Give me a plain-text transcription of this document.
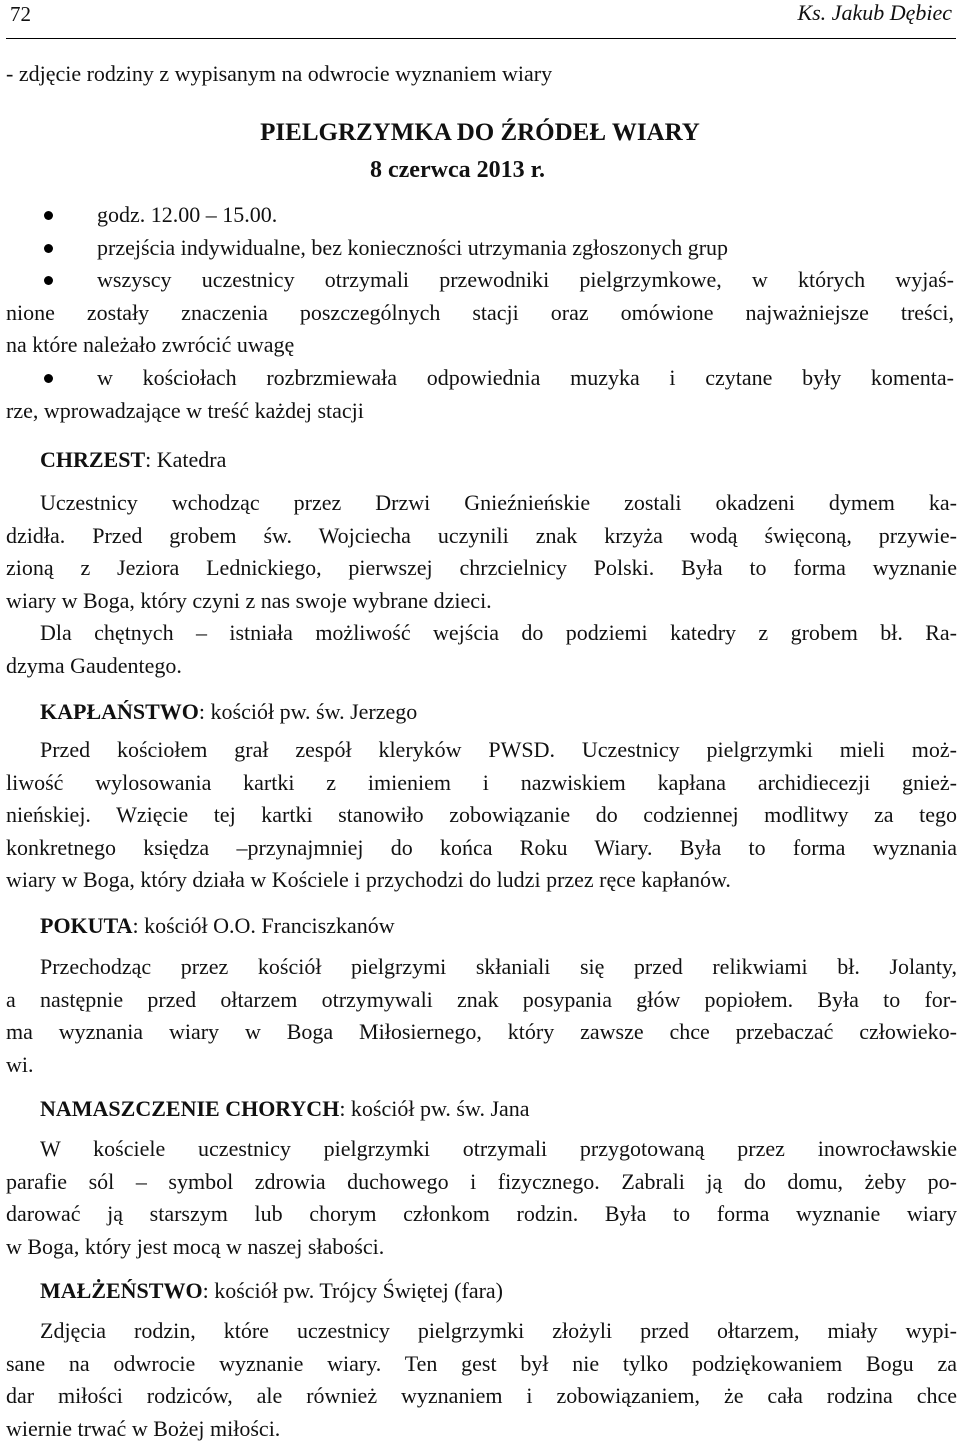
72	Ks. Jakub Dębiec
- zdjęcie rodziny z wypisanym na odwrocie wyznaniem wiary
PIELGRZYMKA DO ŹRÓDEŁ WIARY
8 czerwca 2013 r.
godz. 12.00 – 15.00.
przejścia indywidualne, bez konieczności utrzymania zgłoszonych grup
wszyscy uczestnicy otrzymali przewodniki pielgrzymkowe, w których wyjaś-
nione zostały znaczenia poszczególnych stacji oraz omówione najważniejsze treści,
na które należało zwrócić uwagę
w kościołach rozbrzmiewała odpowiednia muzyka i czytane były komenta-
rze, wprowadzające w treść każdej stacji
CHRZEST: Katedra
Uczestnicy wchodząc przez Drzwi Gnieźnieńskie zostali okadzeni dymem ka-
dzidła. Przed grobem św. Wojciecha uczynili znak krzyża wodą święconą, przywie-
zioną z Jeziora Lednickiego, pierwszej chrzcielnicy Polski. Była to forma wyznanie
wiary w Boga, który czyni z nas swoje wybrane dzieci.
Dla chętnych – istniała możliwość wejścia do podziemi katedry z grobem bł. Ra-
dzyma Gaudentego.
KAPŁAŃSTWO: kościół pw. św. Jerzego
Przed kościołem grał zespół kleryków PWSD. Uczestnicy pielgrzymki mieli moż-
liwość wylosowania kartki z imieniem i nazwiskiem kapłana archidiecezji gnież-
nieńskiej. Wzięcie tej kartki stanowiło zobowiązanie do codziennej modlitwy za tego
konkretnego księdza –przynajmniej do końca Roku Wiary. Była to forma wyznania
wiary w Boga, który działa w Kościele i przychodzi do ludzi przez ręce kapłanów.
POKUTA: kościół O.O. Franciszkanów
Przechodząc przez kościół pielgrzymi skłaniali się przed relikwiami bł. Jolanty,
a następnie przed ołtarzem otrzymywali znak posypania głów popiołem. Była to for-
ma wyznania wiary w Boga Miłosiernego, który zawsze chce przebaczać człowieko-
wi.
NAMASZCZENIE CHORYCH: kościół pw. św. Jana
W kościele uczestnicy pielgrzymki otrzymali przygotowaną przez inowrocławskie
parafie sól – symbol zdrowia duchowego i fizycznego. Zabrali ją do domu, żeby po-
darować ją starszym lub chorym członkom rodzin. Była to forma wyznanie wiary
w Boga, który jest mocą w naszej słabości.
MAŁŻEŃSTWO: kościół pw. Trójcy Świętej (fara)
Zdjęcia rodzin, które uczestnicy pielgrzymki złożyli przed ołtarzem, miały wypi-
sane na odwrocie wyznanie wiary. Ten gest był nie tylko podziękowaniem Bogu za
dar miłości rodziców, ale również wyznaniem i zobowiązaniem, że cała rodzina chce
wiernie trwać w Bożej miłości.
